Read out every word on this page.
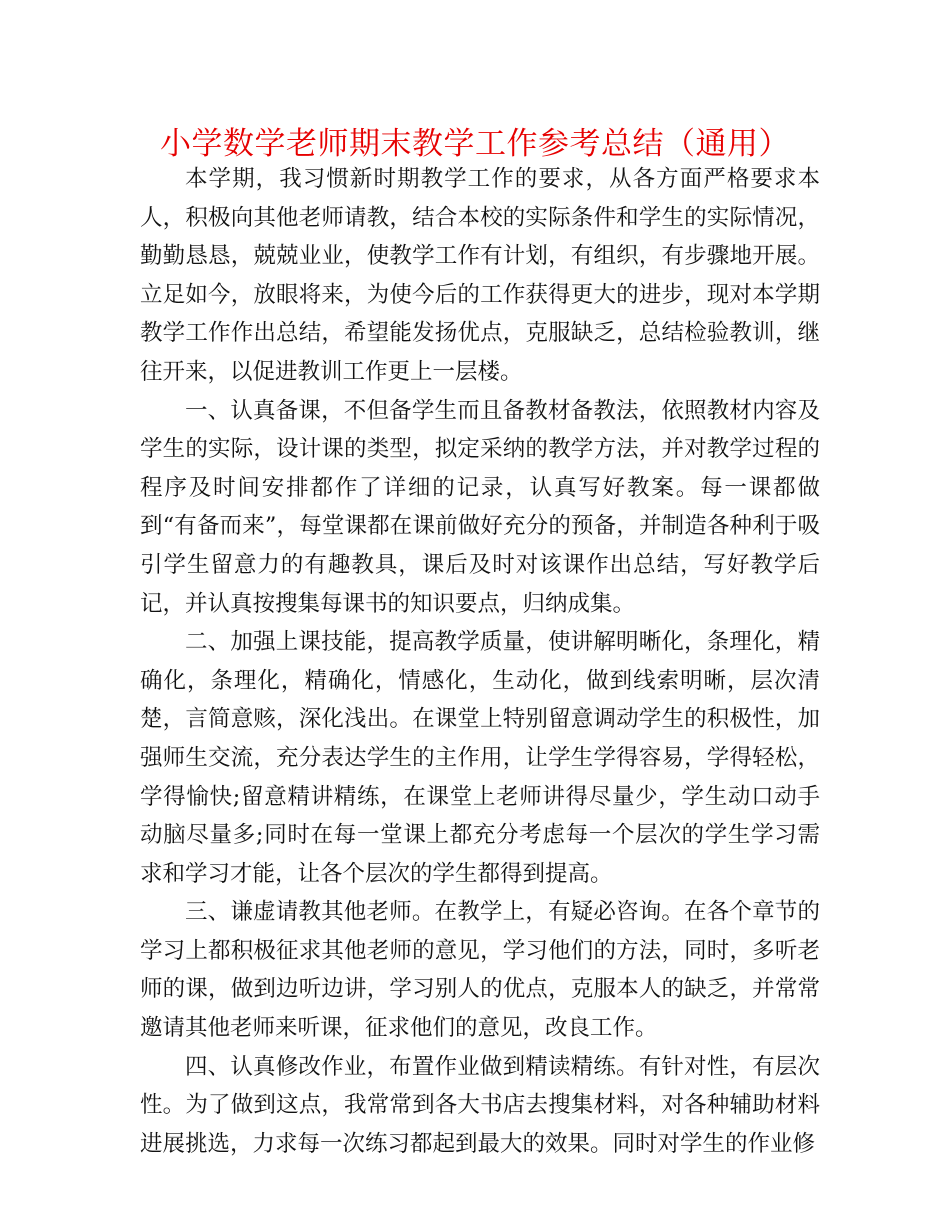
小学数学老师期末教学工作参考总结（通用）

本学期，我习惯新时期教学工作的要求，从各方面严格要求本人，积极向其他老师请教，结合本校的实际条件和学生的实际情况，勤勤恳恳，兢兢业业，使教学工作有计划，有组织，有步骤地开展。立足如今，放眼将来，为使今后的工作获得更大的进步，现对本学期教学工作作出总结，希望能发扬优点，克服缺乏，总结检验教训，继往开来，以促进教训工作更上一层楼。

一、认真备课，不但备学生而且备教材备教法，依照教材内容及学生的实际，设计课的类型，拟定采纳的教学方法，并对教学过程的程序及时间安排都作了详细的记录，认真写好教案。每一课都做到“有备而来”，每堂课都在课前做好充分的预备，并制造各种利于吸引学生留意力的有趣教具，课后及时对该课作出总结，写好教学后记，并认真按搜集每课书的知识要点，归纳成集。

二、加强上课技能，提高教学质量，使讲解明晰化，条理化，精确化，条理化，精确化，情感化，生动化，做到线索明晰，层次清楚，言简意赅，深化浅出。在课堂上特别留意调动学生的积极性，加强师生交流，充分表达学生的主作用，让学生学得容易，学得轻松，学得愉快;留意精讲精练，在课堂上老师讲得尽量少，学生动口动手动脑尽量多;同时在每一堂课上都充分考虑每一个层次的学生学习需求和学习才能，让各个层次的学生都得到提高。

三、谦虚请教其他老师。在教学上，有疑必咨询。在各个章节的学习上都积极征求其他老师的意见，学习他们的方法，同时，多听老师的课，做到边听边讲，学习别人的优点，克服本人的缺乏，并常常邀请其他老师来听课，征求他们的意见，改良工作。

四、认真修改作业，布置作业做到精读精练。有针对性，有层次性。为了做到这点，我常常到各大书店去搜集材料，对各种辅助材料进展挑选，力求每一次练习都起到最大的效果。同时对学生的作业修
